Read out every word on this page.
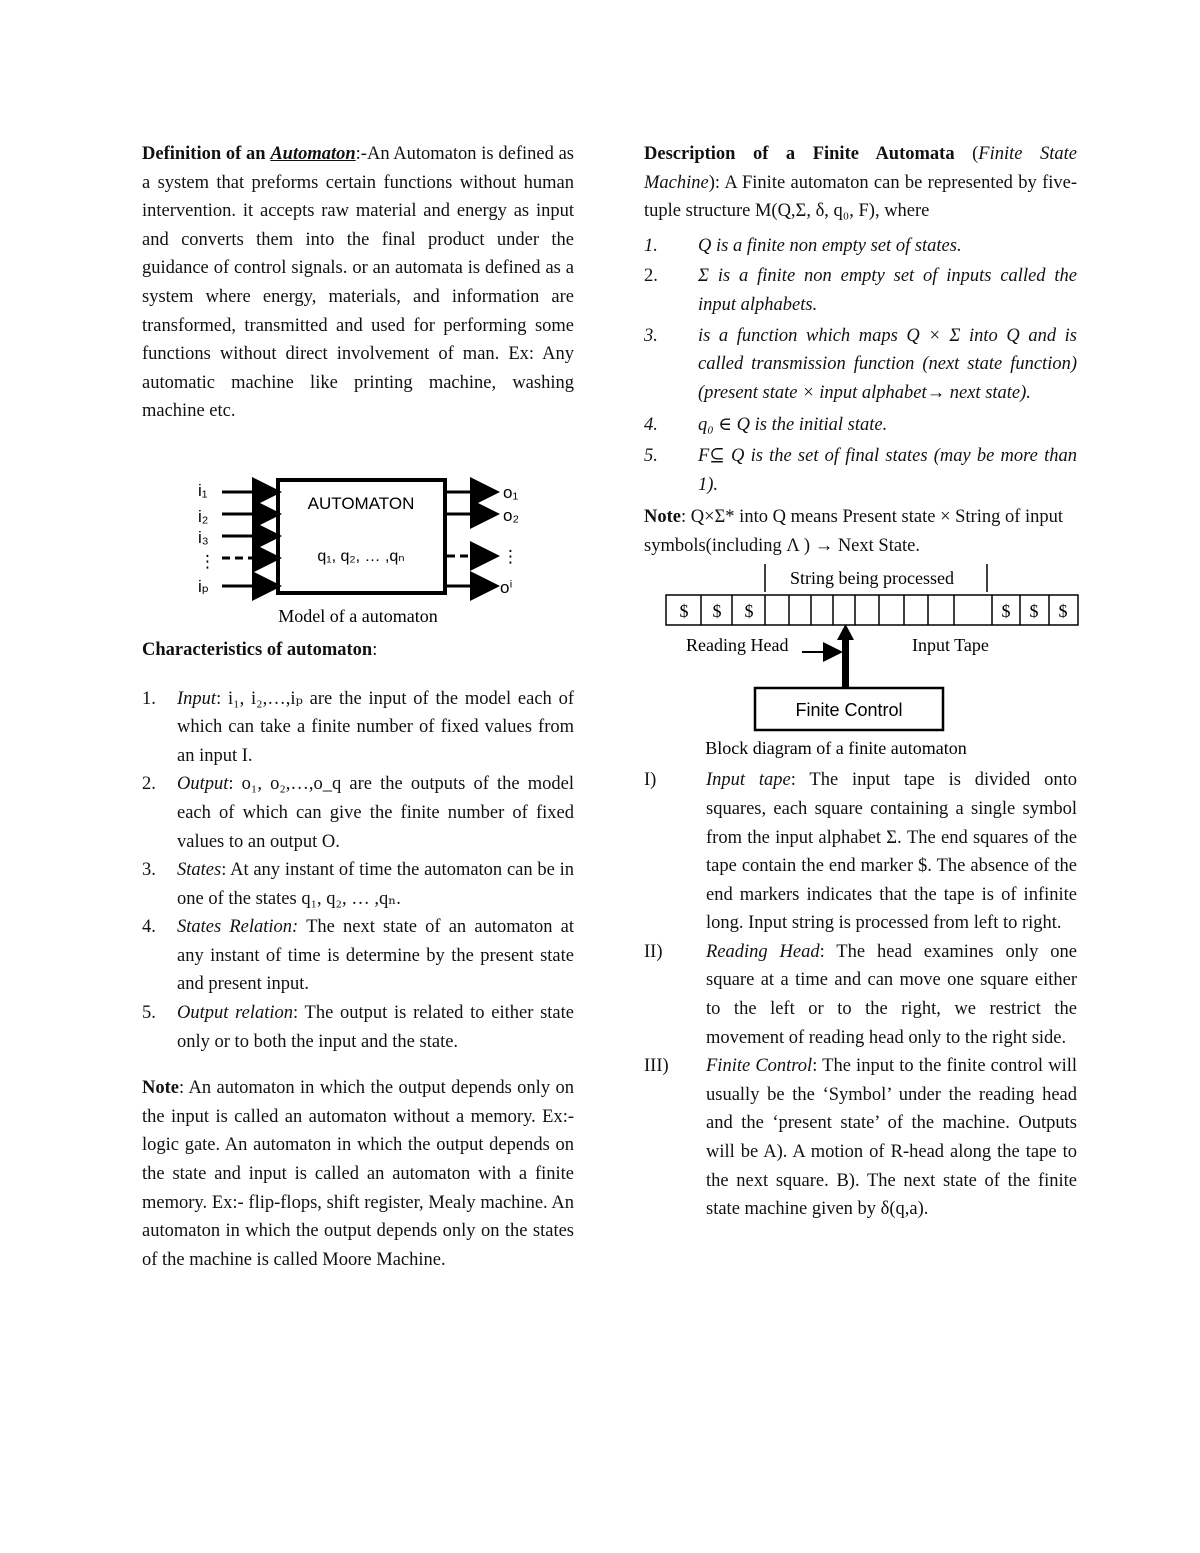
Definition of an Automaton:-An Automaton is defined as a system that preforms certain functions without human intervention. it accepts raw material and energy as input and converts them into the final product under the guidance of control signals. or an automata is defined as a system where energy, materials, and information are transformed, transmitted and used for performing some functions without direct involvement of man. Ex: Any automatic machine like printing machine, washing machine etc.

AUTOMATON
q₁, q₂, … ,qₙ
i₁
i₂
i₃
⋮
iₚ
o₁
o₂
⋮
oⁱ
Model of a automaton

Characteristics of automaton:

1.	Input: i₁, i₂,…,iₚ are the input of the model each of which can take a finite number of fixed values from an input I.
2.	Output: o₁, o₂,…,o_q are the outputs of the model each of which can give the finite number of fixed values to an output O.
3.	States: At any instant of time the automaton can be in one of the states q₁, q₂, … ,qₙ.
4.	States Relation: The next state of an automaton at any instant of time is determine by the present state and present input.
5.	Output relation: The output is related to either state only or to both the input and the state.

Note: An automaton in which the output depends only on the input is called an automaton without a memory. Ex:- logic gate. An automaton in which the output depends on the state and input is called an automaton with a finite memory. Ex:- flip-flops, shift register, Mealy machine. An automaton in which the output depends only on the states of the machine is called Moore Machine.

Description of a Finite Automata (Finite State Machine): A Finite automaton can be represented by five-tuple structure M(Q,Σ, δ, q₀, F), where

1.	Q is a finite non empty set of states.
2.	Σ is a finite non empty set of inputs called the input alphabets.
3.	is a function which maps Q × Σ into Q and is called transmission function (next state function) (present state × input alphabet→ next state).
4.	q₀ ∈ Q is the initial state.
5.	F⊆ Q is the set of final states (may be more than 1).

Note: Q×Σ* into Q means Present state × String of input symbols(including Λ ) → Next State.

String being processed
$ $ $	$ $ $
Reading Head	Input Tape
Finite Control
Block diagram of a finite automaton
I)	Input tape: The input tape is divided onto squares, each square containing a single symbol from the input alphabet Σ. The end squares of the tape contain the end marker $. The absence of the end markers indicates that the tape is of infinite long. Input string is processed from left to right.
II)	Reading Head: The head examines only one square at a time and can move one square either to the left or to the right, we restrict the movement of reading head only to the right side.
III)	Finite Control: The input to the finite control will usually be the ‘Symbol’ under the reading head and the ‘present state’ of the machine. Outputs will be A). A motion of R-head along the tape to the next square. B). The next state of the finite state machine given by δ(q,a).
